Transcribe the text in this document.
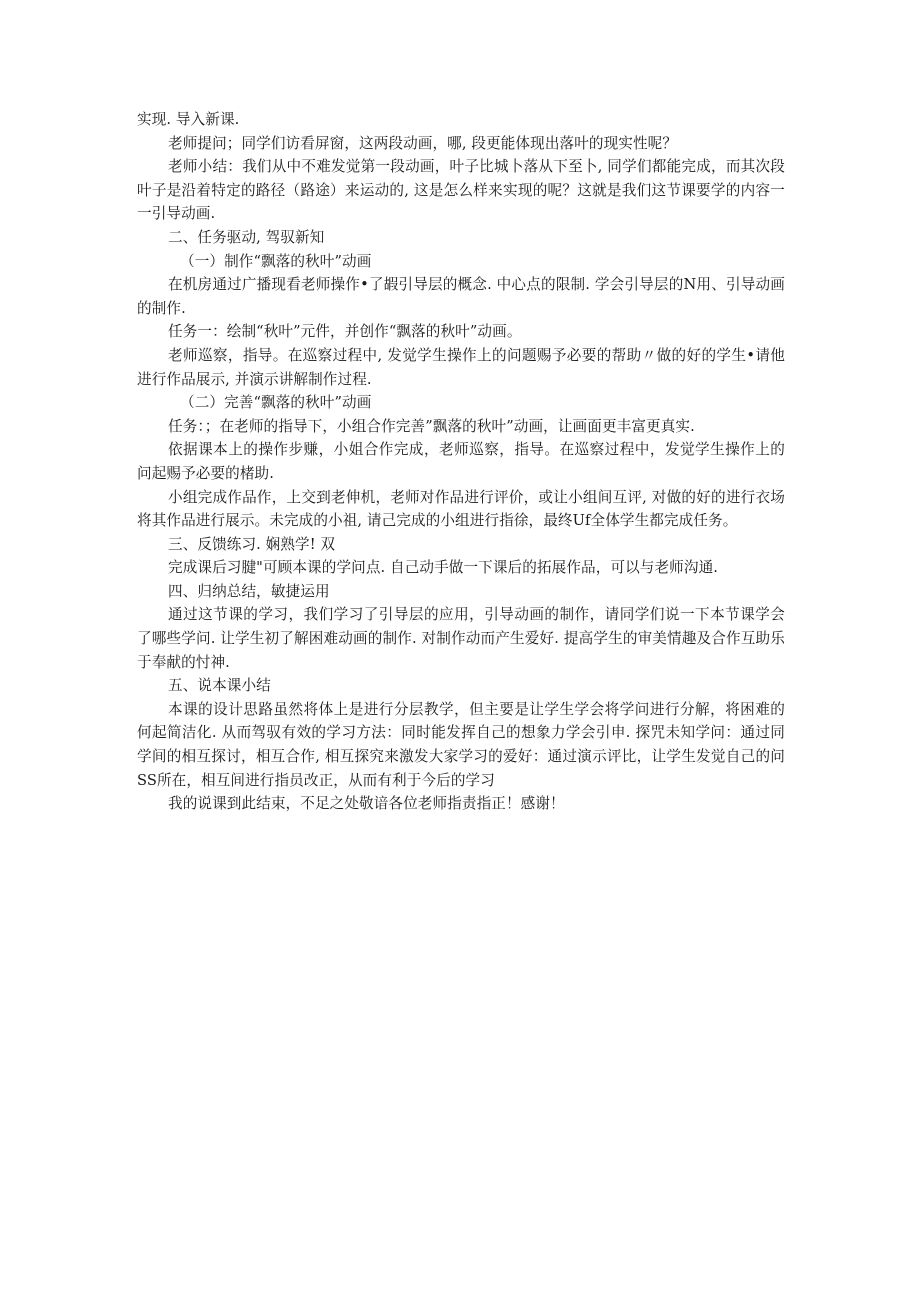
实现. 导入新课.

老师提问；同学们访看屏窗，这两段动画，哪, 段更能体现出落叶的现实性呢？

老师小结：我们从中不难发觉第一段动画，叶子比城卜落从下至卜, 同学们都能完成，而其次段叶子是沿着特定的路径（路途）来运动的, 这是怎么样来实现的呢？这就是我们这节课要学的内容一一引导动画.

二、任务驱动, 驾驭新知

（一）制作“飘落的秋叶”动画

在机房通过广播现看老师操作•了嘏引导层的概念. 中心点的限制. 学会引导层的N用、引导动画的制作.

任务一：绘制“秋叶”元件，并创作“飘落的秋叶”动画。

老师巡察，指导。在巡察过程中, 发觉学生操作上的问题赐予必要的帮助〃做的好的学生•请他进行作品展示, 并演示讲解制作过程.

（二）完善“飘落的秋叶”动画

任务：；在老师的指导下，小组合作完善”飘落的秋叶”动画，让画面更丰富更真实.

依据课本上的操作步赚，小姐合作完成，老师巡察，指导。在巡察过程中，发觉学生操作上的问起赐予必要的楮助.

小组完成作品作，上交到老伸机，老师对作品进行评价，或让小组间互评, 对做的好的进行衣场将其作品进行展示。未完成的小祖, 请己完成的小组进行指徐，最终Uf全体学生都完成任务。

三、反馈练习. 娴熟学! 双

完成课后习腱"可顾本课的学问点. 自己动手做一下课后的拓展作品，可以与老师沟通.

四、归纳总结，敏捷运用

通过这节课的学习，我们学习了引导层的应用，引导动画的制作，请同学们说一下本节课学会了哪些学问. 让学生初了解困难动画的制作. 对制作动而产生爱好. 提高学生的审美情趣及合作互助乐于奉献的忖神.

五、说本课小结

本课的设计思路虽然将体上是进行分层教学，但主要是让学生学会将学问进行分解，将困难的何起简洁化. 从而驾驭有效的学习方法：同时能发挥自己的想象力学会引申. 探咒未知学问：通过同学间的相互探讨，相互合作, 相互探究来激发大家学习的爱好：通过演示评比，让学生发觉自己的问SS所在，相互间进行指员改正，从而有利于今后的学习

我的说课到此结束，不足之处敬谙各位老师指责指正！感谢！
